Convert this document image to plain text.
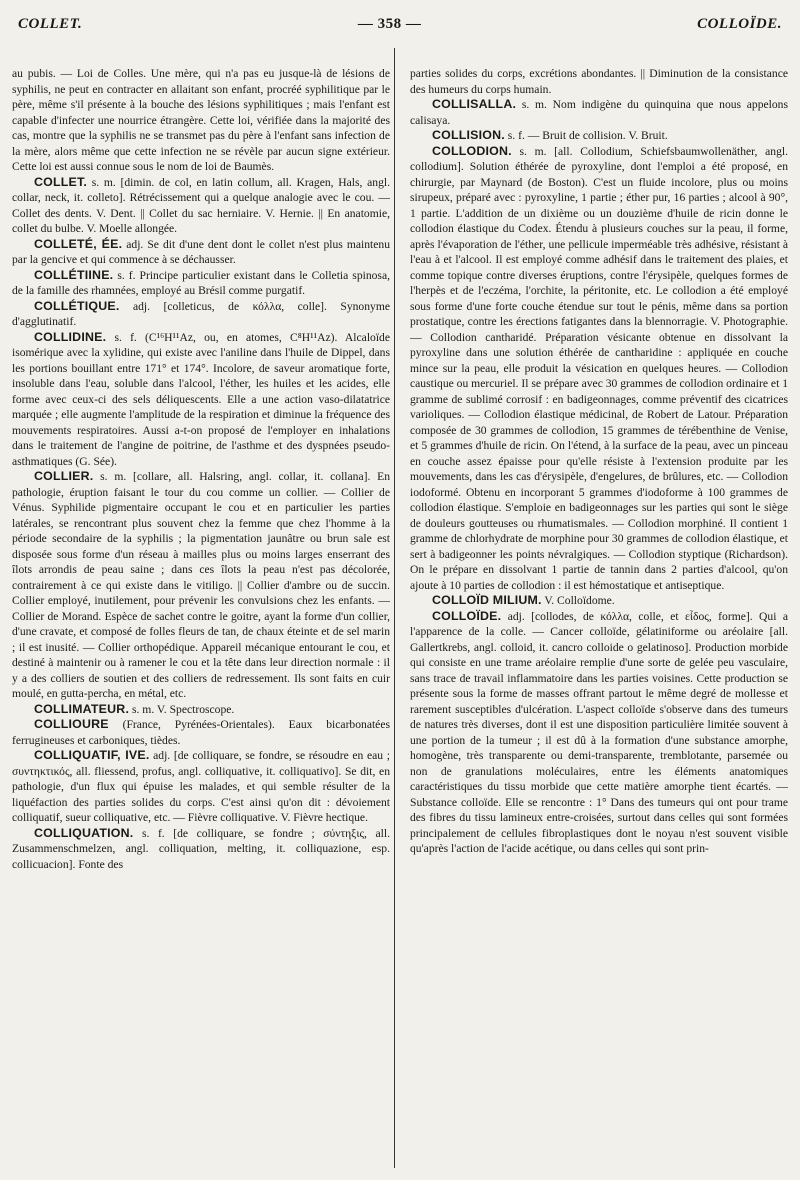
COLLET.	— 358 —	COLLOÏDE.

au pubis. — Loi de Colles. Une mère, qui n'a pas eu jusque-là de lésions de syphilis, ne peut en contracter en allaitant son enfant, procréé syphilitique par le père, même s'il présente à la bouche des lésions syphilitiques ; mais l'enfant est capable d'infecter une nourrice étrangère. Cette loi, vérifiée dans la majorité des cas, montre que la syphilis ne se transmet pas du père à l'enfant sans infection de la mère, alors même que cette infection ne se révèle par aucun signe extérieur. Cette loi est aussi connue sous le nom de loi de Baumès.

COLLET. s. m. [dimin. de col, en latin collum, all. Kragen, Hals, angl. collar, neck, it. colleto]. Rétrécissement qui a quelque analogie avec le cou. — Collet des dents. V. Dent. || Collet du sac herniaire. V. Hernie. || En anatomie, collet du bulbe. V. Moelle allongée.

COLLETÉ, ÉE. adj. Se dit d'une dent dont le collet n'est plus maintenu par la gencive et qui commence à se déchausser.

COLLÉTIINE. s. f. Principe particulier existant dans le Colletia spinosa, de la famille des rhamnées, employé au Brésil comme purgatif.

COLLÉTIQUE. adj. [colleticus, de κόλλα, colle]. Synonyme d'agglutinatif.

COLLIDINE. s. f. (C¹⁶H¹¹Az, ou, en atomes, C⁸H¹¹Az). Alcaloïde isomérique avec la xylidine, qui existe avec l'aniline dans l'huile de Dippel, dans les portions bouillant entre 171° et 174°. Incolore, de saveur aromatique forte, insoluble dans l'eau, soluble dans l'alcool, l'éther, les huiles et les acides, elle forme avec ceux-ci des sels déliquescents. Elle a une action vaso-dilatatrice marquée ; elle augmente l'amplitude de la respiration et diminue la fréquence des mouvements respiratoires. Aussi a-t-on proposé de l'employer en inhalations dans le traitement de l'angine de poitrine, de l'asthme et des dyspnées pseudo-asthmatiques (G. Sée).

COLLIER. s. m. [collare, all. Halsring, angl. collar, it. collana]. En pathologie, éruption faisant le tour du cou comme un collier. — Collier de Vénus. Syphilide pigmentaire occupant le cou et en particulier les parties latérales, se rencontrant plus souvent chez la femme que chez l'homme à la période secondaire de la syphilis ; la pigmentation jaunâtre ou brun sale est disposée sous forme d'un réseau à mailles plus ou moins larges enserrant des îlots arrondis de peau saine ; dans ces îlots la peau n'est pas décolorée, contrairement à ce qui existe dans le vitiligo. || Collier d'ambre ou de succin. Collier employé, inutilement, pour prévenir les convulsions chez les enfants. — Collier de Morand. Espèce de sachet contre le goitre, ayant la forme d'un collier, d'une cravate, et composé de folles fleurs de tan, de chaux éteinte et de sel marin ; il est inusité. — Collier orthopédique. Appareil mécanique entourant le cou, et destiné à maintenir ou à ramener le cou et la tête dans leur direction normale : il y a des colliers de soutien et des colliers de redressement. Ils sont faits en cuir moulé, en gutta-percha, en métal, etc.

COLLIMATEUR. s. m. V. Spectroscope.

COLLIOURE (France, Pyrénées-Orientales). Eaux bicarbonatées ferrugineuses et carboniques, tièdes.

COLLIQUATIF, IVE. adj. [de colliquare, se fondre, se résoudre en eau ; συντηκτικός, all. fliessend, profus, angl. colliquative, it. colliquativo]. Se dit, en pathologie, d'un flux qui épuise les malades, et qui semble résulter de la liquéfaction des parties solides du corps. C'est ainsi qu'on dit : dévoiement colliquatif, sueur colliquative, etc. — Fièvre colliquative. V. Fièvre hectique.

COLLIQUATION. s. f. [de colliquare, se fondre ; σύντηξις, all. Zusammenschmelzen, angl. colliquation, melting, it. colliquazione, esp. collicuacion]. Fonte des

parties solides du corps, excrétions abondantes. || Diminution de la consistance des humeurs du corps humain.

COLLISALLA. s. m. Nom indigène du quinquina que nous appelons calisaya.

COLLISION. s. f. — Bruit de collision. V. Bruit.

COLLODION. s. m. [all. Collodium, Schiefsbaumwollenäther, angl. collodium]. Solution éthérée de pyroxyline, dont l'emploi a été proposé, en chirurgie, par Maynard (de Boston). C'est un fluide incolore, plus ou moins sirupeux, préparé avec : pyroxyline, 1 partie ; éther pur, 16 parties ; alcool à 90°, 1 partie. L'addition de un dixième ou un douzième d'huile de ricin donne le collodion élastique du Codex. Étendu à plusieurs couches sur la peau, il forme, après l'évaporation de l'éther, une pellicule imperméable très adhésive, résistant à l'eau à et l'alcool. Il est employé comme adhésif dans le traitement des plaies, et comme topique contre diverses éruptions, contre l'érysipèle, quelques formes de l'herpès et de l'eczéma, l'orchite, la péritonite, etc. Le collodion a été employé sous forme d'une forte couche étendue sur tout le pénis, même dans sa portion prostatique, contre les érections fatigantes dans la blennorragie. V. Photographie. — Collodion cantharidé. Préparation vésicante obtenue en dissolvant la pyroxyline dans une solution éthérée de cantharidine : appliquée en couche mince sur la peau, elle produit la vésication en quelques heures. — Collodion caustique ou mercuriel. Il se prépare avec 30 grammes de collodion ordinaire et 1 gramme de sublimé corrosif : en badigeonnages, comme préventif des cicatrices varioliques. — Collodion élastique médicinal, de Robert de Latour. Préparation composée de 30 grammes de collodion, 15 grammes de térébenthine de Venise, et 5 grammes d'huile de ricin. On l'étend, à la surface de la peau, avec un pinceau en couche assez épaisse pour qu'elle résiste à l'extension produite par les mouvements, dans les cas d'érysipèle, d'engelures, de brûlures, etc. — Collodion iodoformé. Obtenu en incorporant 5 grammes d'iodoforme à 100 grammes de collodion élastique. S'emploie en badigeonnages sur les parties qui sont le siège de douleurs goutteuses ou rhumatismales. — Collodion morphiné. Il contient 1 gramme de chlorhydrate de morphine pour 30 grammes de collodion élastique, et sert à badigeonner les points névralgiques. — Collodion styptique (Richardson). On le prépare en dissolvant 1 partie de tannin dans 2 parties d'alcool, qu'on ajoute à 10 parties de collodion : il est hémostatique et antiseptique.

COLLOÏD MILIUM. V. Colloïdome.

COLLOÏDE. adj. [collodes, de κόλλα, colle, et εἶδος, forme]. Qui a l'apparence de la colle. — Cancer colloïde, gélatiniforme ou aréolaire [all. Gallertkrebs, angl. colloid, it. cancro colloide o gelatinoso]. Production morbide qui consiste en une trame aréolaire remplie d'une sorte de gelée peu vasculaire, sans trace de travail inflammatoire dans les parties voisines. Cette production se présente sous la forme de masses offrant partout le même degré de mollesse et rarement susceptibles d'ulcération. L'aspect colloïde s'observe dans des tumeurs de natures très diverses, dont il est une disposition particulière limitée souvent à une portion de la tumeur ; il est dû à la formation d'une substance amorphe, homogène, très transparente ou demi-transparente, tremblotante, parsemée ou non de granulations moléculaires, entre les éléments anatomiques caractéristiques du tissu morbide que cette matière amorphe tient écartés. — Substance colloïde. Elle se rencontre : 1° Dans des tumeurs qui ont pour trame des fibres du tissu lamineux entre-croisées, surtout dans celles qui sont formées principalement de cellules fibroplastiques dont le noyau n'est souvent visible qu'après l'action de l'acide acétique, ou dans celles qui sont prin-
